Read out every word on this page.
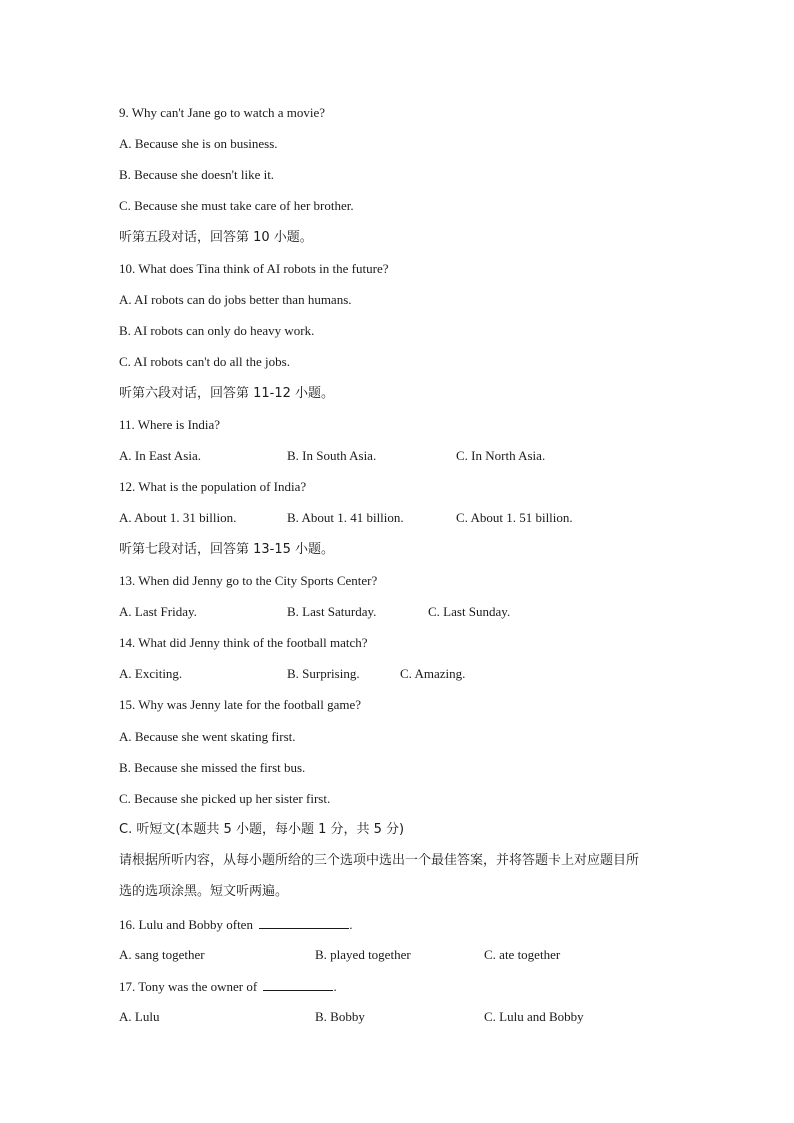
9. Why can't Jane go to watch a movie?
A. Because she is on business.
B. Because she doesn't like it.
C. Because she must take care of her brother.
听第五段对话，回答第 10 小题。
10. What does Tina think of AI robots in the future?
A. AI robots can do jobs better than humans.
B. AI robots can only do heavy work.
C. AI robots can't do all the jobs.
听第六段对话，回答第 11-12 小题。
11. Where is India?
A. In East Asia.	B. In South Asia.	C. In North Asia.
12. What is the population of India?
A. About 1. 31 billion.	B. About 1. 41 billion.	C. About 1. 51 billion.
听第七段对话，回答第 13-15 小题。
13. When did Jenny go to the City Sports Center?
A. Last Friday.	B. Last Saturday.	C. Last Sunday.
14. What did Jenny think of the football match?
A. Exciting.	B. Surprising.	C. Amazing.
15. Why was Jenny late for the football game?
A. Because she went skating first.
B. Because she missed the first bus.
C. Because she picked up her sister first.
C. 听短文(本题共 5 小题，每小题 1 分，共 5 分)
请根据所听内容，从每小题所给的三个选项中选出一个最佳答案，并将答题卡上对应题目所
选的选项涂黑。短文听两遍。
16. Lulu and Bobby often	.
A. sang together	B. played together	C. ate together
17. Tony was the owner of	.
A. Lulu	B. Bobby	C. Lulu and Bobby
